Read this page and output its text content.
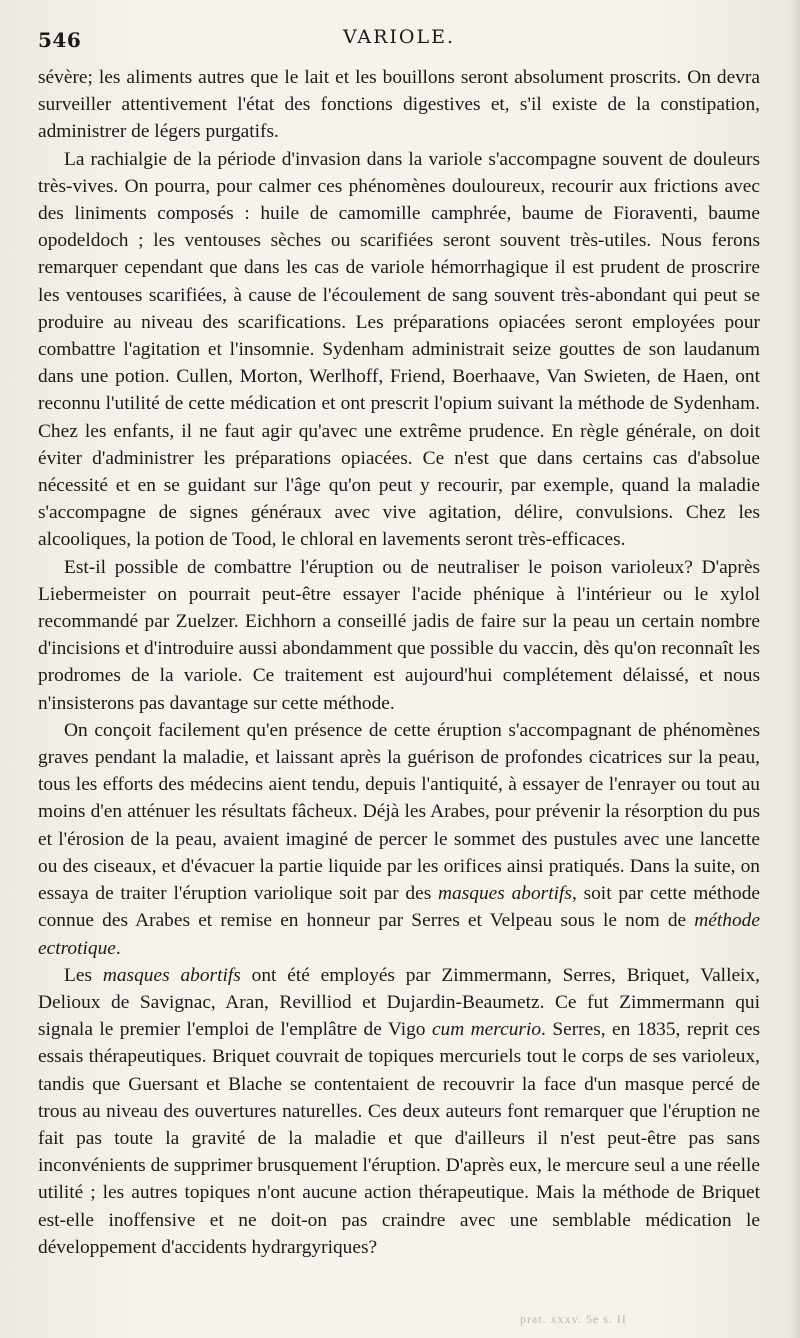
546	VARIOLE.

sévère; les aliments autres que le lait et les bouillons seront absolument proscrits. On devra surveiller attentivement l'état des fonctions digestives et, s'il existe de la constipation, administrer de légers purgatifs.

La rachialgie de la période d'invasion dans la variole s'accompagne souvent de douleurs très-vives. On pourra, pour calmer ces phénomènes douloureux, recourir aux frictions avec des liniments composés : huile de camomille camphrée, baume de Fioraventi, baume opodeldoch ; les ventouses sèches ou scarifiées seront souvent très-utiles. Nous ferons remarquer cependant que dans les cas de variole hémorrhagique il est prudent de proscrire les ventouses scarifiées, à cause de l'écoulement de sang souvent très-abondant qui peut se produire au niveau des scarifications. Les préparations opiacées seront employées pour combattre l'agitation et l'insomnie. Sydenham administrait seize gouttes de son laudanum dans une potion. Cullen, Morton, Werlhoff, Friend, Boerhaave, Van Swieten, de Haen, ont reconnu l'utilité de cette médication et ont prescrit l'opium suivant la méthode de Sydenham. Chez les enfants, il ne faut agir qu'avec une extrême prudence. En règle générale, on doit éviter d'administrer les préparations opiacées. Ce n'est que dans certains cas d'absolue nécessité et en se guidant sur l'âge qu'on peut y recourir, par exemple, quand la maladie s'accompagne de signes généraux avec vive agitation, délire, convulsions. Chez les alcooliques, la potion de Tood, le chloral en lavements seront très-efficaces.

Est-il possible de combattre l'éruption ou de neutraliser le poison varioleux? D'après Liebermeister on pourrait peut-être essayer l'acide phénique à l'intérieur ou le xylol recommandé par Zuelzer. Eichhorn a conseillé jadis de faire sur la peau un certain nombre d'incisions et d'introduire aussi abondamment que possible du vaccin, dès qu'on reconnaît les prodromes de la variole. Ce traitement est aujourd'hui complétement délaissé, et nous n'insisterons pas davantage sur cette méthode.

On conçoit facilement qu'en présence de cette éruption s'accompagnant de phénomènes graves pendant la maladie, et laissant après la guérison de profondes cicatrices sur la peau, tous les efforts des médecins aient tendu, depuis l'antiquité, à essayer de l'enrayer ou tout au moins d'en atténuer les résultats fâcheux. Déjà les Arabes, pour prévenir la résorption du pus et l'érosion de la peau, avaient imaginé de percer le sommet des pustules avec une lancette ou des ciseaux, et d'évacuer la partie liquide par les orifices ainsi pratiqués. Dans la suite, on essaya de traiter l'éruption variolique soit par des masques abortifs, soit par cette méthode connue des Arabes et remise en honneur par Serres et Velpeau sous le nom de méthode ectrotique.

Les masques abortifs ont été employés par Zimmermann, Serres, Briquet, Valleix, Delioux de Savignac, Aran, Revilliod et Dujardin-Beaumetz. Ce fut Zimmermann qui signala le premier l'emploi de l'emplâtre de Vigo cum mercurio. Serres, en 1835, reprit ces essais thérapeutiques. Briquet couvrait de topiques mercuriels tout le corps de ses varioleux, tandis que Guersant et Blache se contentaient de recouvrir la face d'un masque percé de trous au niveau des ouvertures naturelles. Ces deux auteurs font remarquer que l'éruption ne fait pas toute la gravité de la maladie et que d'ailleurs il n'est peut-être pas sans inconvénients de supprimer brusquement l'éruption. D'après eux, le mercure seul a une réelle utilité ; les autres topiques n'ont aucune action thérapeutique. Mais la méthode de Briquet est-elle inoffensive et ne doit-on pas craindre avec une semblable médication le développement d'accidents hydrargyriques?

prat. xxxv. 5e s. II
